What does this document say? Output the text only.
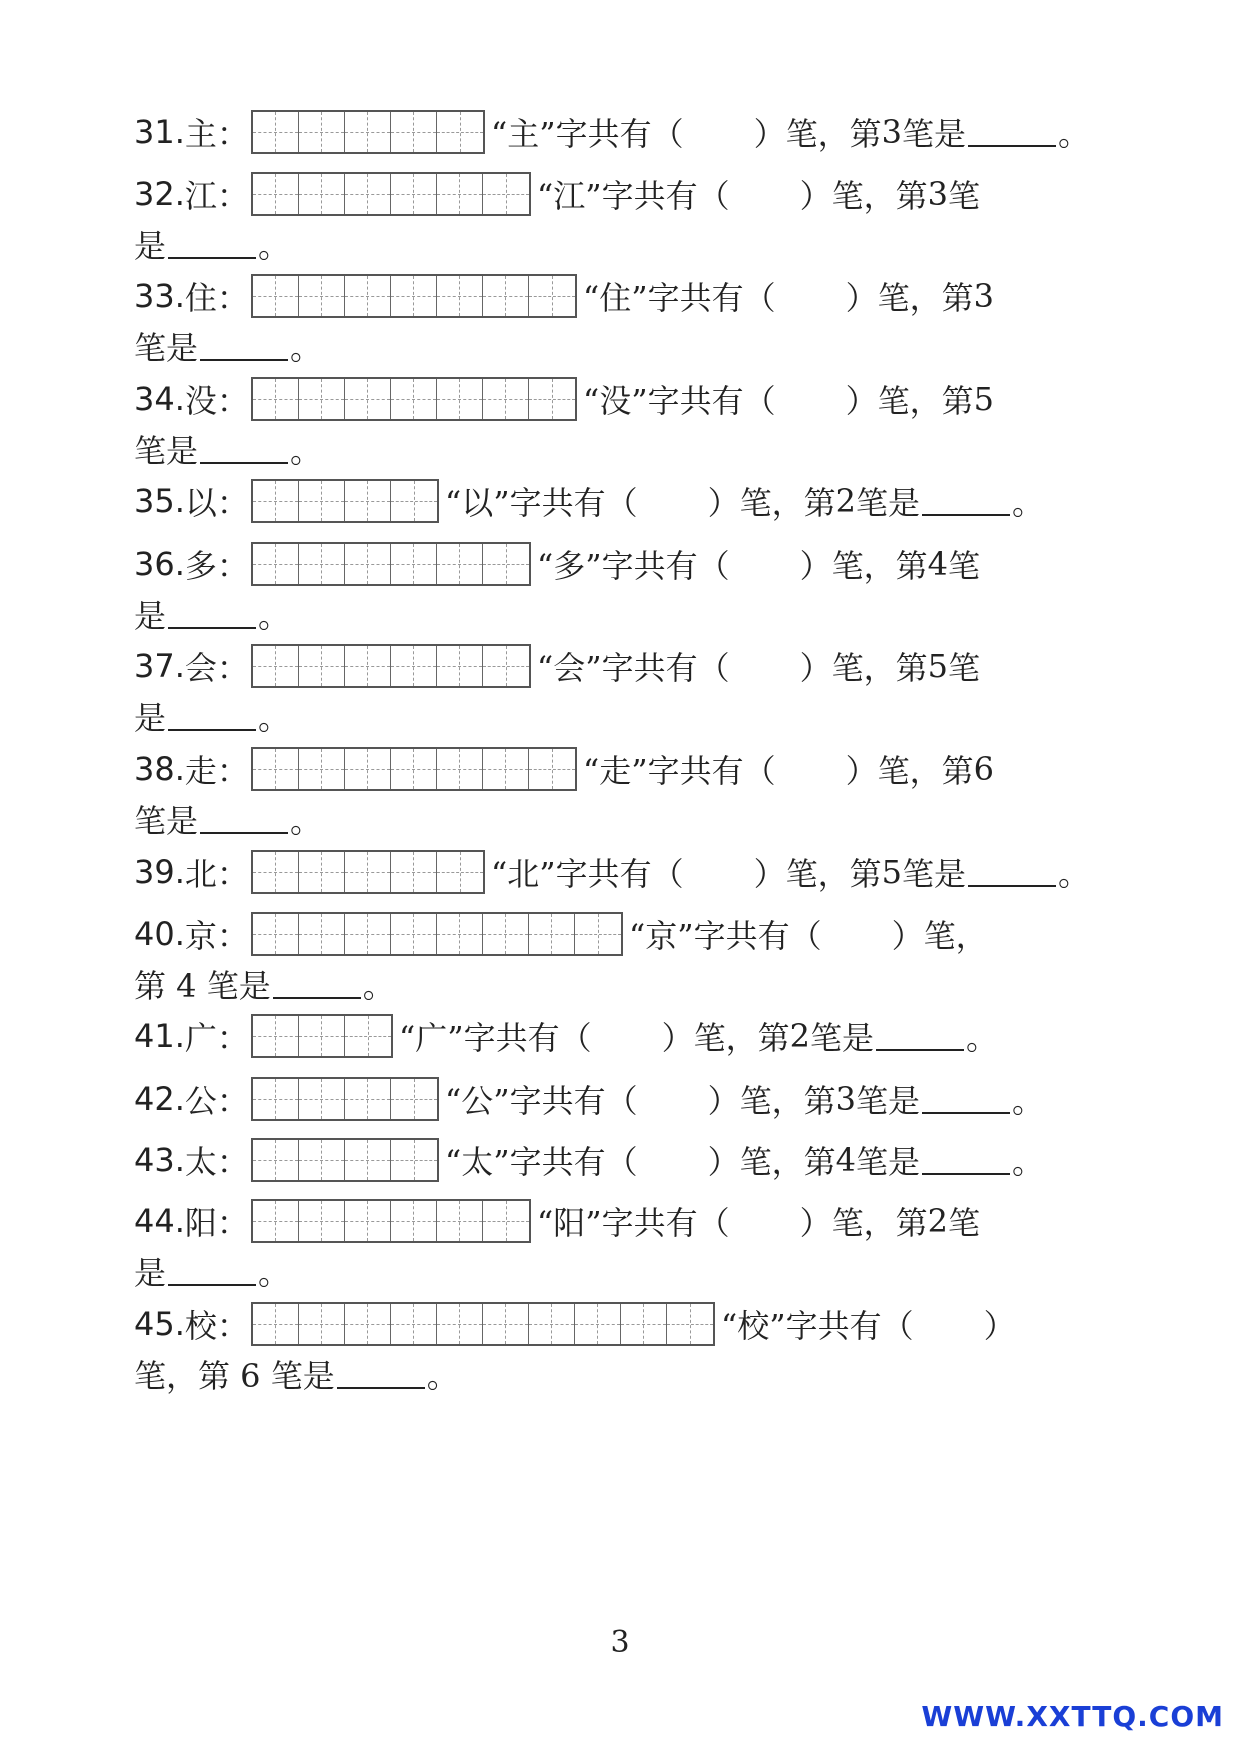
31. 主：	“主”字共有（ ）笔，第 3 笔是	。
32. 江：	“江”字共有（ ）笔，第 3 笔
是	。
33. 住：	“住”字共有（ ）笔，第 3
笔是	。
34. 没：	“没”字共有（ ）笔，第 5
笔是	。
35. 以：	“以”字共有（ ）笔，第 2 笔是	。
36. 多：	“多”字共有（ ）笔，第 4 笔
是	。
37. 会：	“会”字共有（ ）笔，第 5 笔
是	。
38. 走：	“走”字共有（ ）笔，第 6
笔是	。
39. 北：	“北”字共有（ ）笔，第 5 笔是	。
40. 京：	“京”字共有（ ）笔，
第 4 笔是	。
41. 广：	“广”字共有（ ）笔，第 2 笔是	。
42. 公：	“公”字共有（ ）笔，第 3 笔是	。
43. 太：	“太”字共有（ ）笔，第 4 笔是	。
44. 阳：	“阳”字共有（ ）笔，第 2 笔
是	。
45. 校：	“校”字共有（ ）
笔，第 6 笔是	。
3
WWW.XXTTQ.COM
